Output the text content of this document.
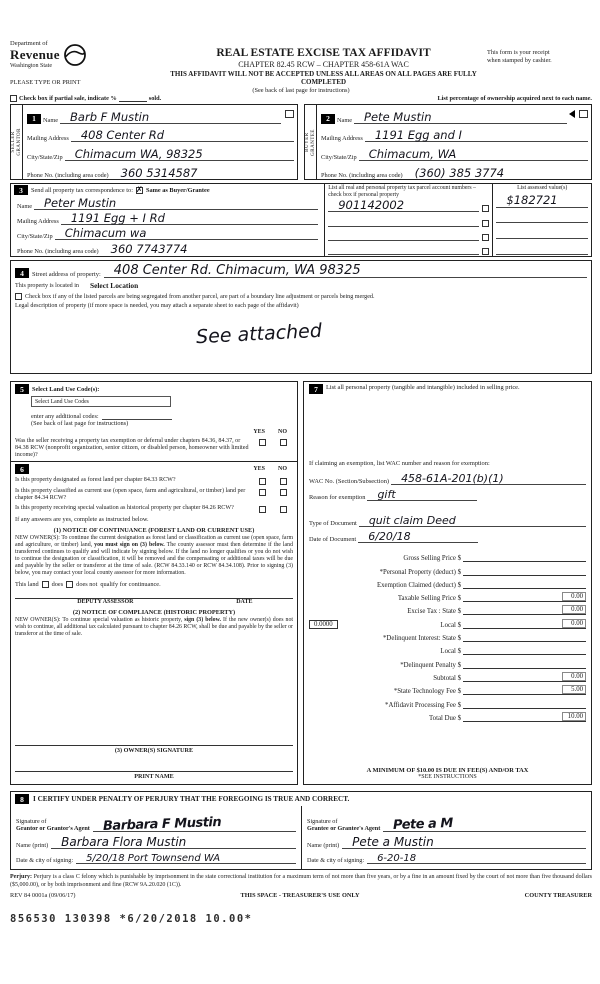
Department of
Revenue
Washington State
REAL ESTATE EXCISE TAX AFFIDAVIT
CHAPTER 82.45 RCW – CHAPTER 458-61A WAC
This form is your receipt
when stamped by cashier.
PLEASE TYPE OR PRINT
THIS AFFIDAVIT WILL NOT BE ACCEPTED UNLESS ALL AREAS ON ALL PAGES ARE FULLY COMPLETED
(See back of last page for instructions)
Check box if partial sale, indicate %	sold.	List percentage of ownership acquired next to each name.
SELLER
GRANTOR
1	Name Barb F Mustin
Mailing Address 408 Center Rd
City/State/Zip Chimacum WA, 98325
Phone No. (including area code) 360 5314587
BUYER
GRANTEE
2	Name Pete Mustin
Mailing Address 1191 Egg and I
City/State/Zip Chimacum, WA
Phone No. (including area code) (360) 385 3774
3	Send all property tax correspondence to: ✗ Same as Buyer/Grantee
Name Peter Mustin
Mailing Address 1191 Egg + I Rd
City/State/Zip Chimacum wa
Phone No. (including area code) 360 7743774
List all real and personal property tax parcel account numbers – check box if personal property
901142002
List assessed value(s)
$182721
4	Street address of property: 408 Center Rd. Chimacum, WA 98325
This property is located in Select Location
Check box if any of the listed parcels are being segregated from another parcel, are part of a boundary line adjustment or parcels being merged.
Legal description of property (if more space is needed, you may attach a separate sheet to each page of the affidavit)
See attached
5	Select Land Use Code(s):
Select Land Use Codes
enter any additional codes:
(See back of last page for instructions)
YES NO
Was the seller receiving a property tax exemption or deferral under chapters 84.36, 84.37, or 84.38 RCW (nonprofit organization, senior citizen, or disabled person, homeowner with limited income)?
6	YES NO
Is this property designated as forest land per chapter 84.33 RCW?
Is this property classified as current use (open space, farm and agricultural, or timber) land per chapter 84.34 RCW?
Is this property receiving special valuation as historical property per chapter 84.26 RCW?
If any answers are yes, complete as instructed below.
(1) NOTICE OF CONTINUANCE (FOREST LAND OR CURRENT USE)
NEW OWNER(S): To continue the current designation as forest land or classification as current use (open space, farm and agriculture, or timber) land, you must sign on (3) below. The county assessor must then determine if the land transferred continues to qualify and will indicate by signing below. If the land no longer qualifies or you do not wish to continue the designation or classification, it will be removed and the compensating or additional taxes will be due and payable by the seller or transferor at the time of sale. (RCW 84.33.140 or RCW 84.34.108). Prior to signing (3) below, you may contact your local county assessor for more information.
This land does does not qualify for continuance.
DEPUTY ASSESSOR	DATE
(2) NOTICE OF COMPLIANCE (HISTORIC PROPERTY)
NEW OWNER(S): To continue special valuation as historic property, sign (3) below. If the new owner(s) does not wish to continue, all additional tax calculated pursuant to chapter 84.26 RCW, shall be due and payable by the seller or transferor at the time of sale.
(3) OWNER(S) SIGNATURE
PRINT NAME
7	List all personal property (tangible and intangible) included in selling price.
If claiming an exemption, list WAC number and reason for exemption:
WAC No. (Section/Subsection) 458-61A-201(b)(1)
Reason for exemption gift
Type of Document quit claim Deed
Date of Document 6/20/18
Gross Selling Price $
*Personal Property (deduct) $
Exemption Claimed (deduct) $
Taxable Selling Price $	0.00
Excise Tax : State $	0.00
0.0000	Local $	0.00
*Delinquent Interest: State $
Local $
*Delinquent Penalty $
Subtotal $	0.00
*State Technology Fee $	5.00
*Affidavit Processing Fee $
Total Due $	10.00
A MINIMUM OF $10.00 IS DUE IN FEE(S) AND/OR TAX
*SEE INSTRUCTIONS
8	I CERTIFY UNDER PENALTY OF PERJURY THAT THE FOREGOING IS TRUE AND CORRECT.
Signature of
Grantor or Grantor's Agent Barbara F Mustin
Name (print) Barbara Flora Mustin
Date & city of signing: 5/20/18 Port Townsend WA
Signature of
Grantee or Grantee's Agent Pete a M
Name (print) Pete a Mustin
Date & city of signing: 6-20-18
Perjury: Perjury is a class C felony which is punishable by imprisonment in the state correctional institution for a maximum term of not more than five years, or by a fine in an amount fixed by the court of not more than five thousand dollars ($5,000.00), or by both imprisonment and fine (RCW 9A.20.020 (1C)).
REV 84 0001a (09/06/17)	THIS SPACE - TREASURER'S USE ONLY	COUNTY TREASURER
856530 130398 *6/20/2018 10.00*
